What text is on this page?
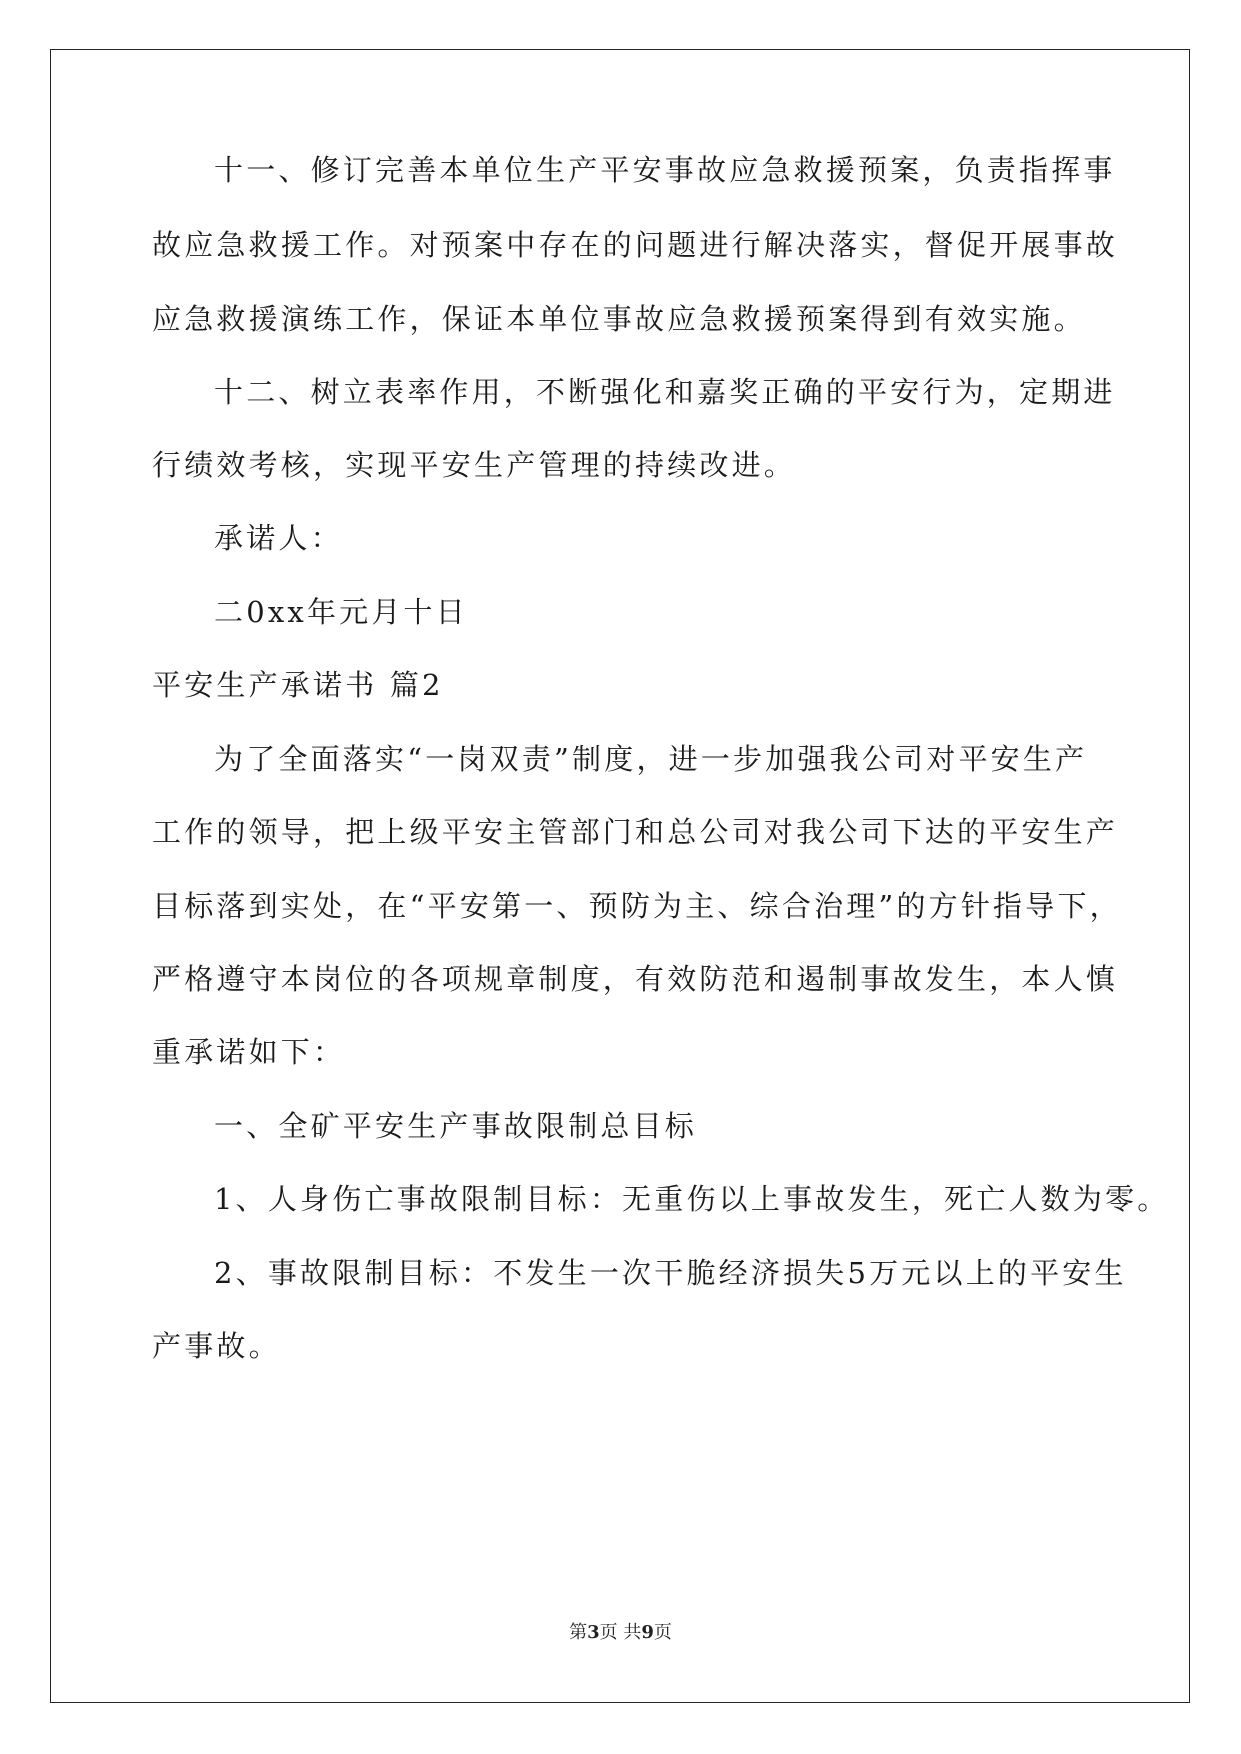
十一、修订完善本单位生产平安事故应急救援预案，负责指挥事
故应急救援工作。对预案中存在的问题进行解决落实，督促开展事故
应急救援演练工作，保证本单位事故应急救援预案得到有效实施。
十二、树立表率作用，不断强化和嘉奖正确的平安行为，定期进
行绩效考核，实现平安生产管理的持续改进。
承诺人：
二0xx年元月十日
平安生产承诺书 篇2
为了全面落实“一岗双责”制度，进一步加强我公司对平安生产
工作的领导，把上级平安主管部门和总公司对我公司下达的平安生产
目标落到实处，在“平安第一、预防为主、综合治理”的方针指导下，
严格遵守本岗位的各项规章制度，有效防范和遏制事故发生，本人慎
重承诺如下：
一、全矿平安生产事故限制总目标
1、人身伤亡事故限制目标：无重伤以上事故发生，死亡人数为零。
2、事故限制目标：不发生一次干脆经济损失5万元以上的平安生
产事故。
第3页 共9页
